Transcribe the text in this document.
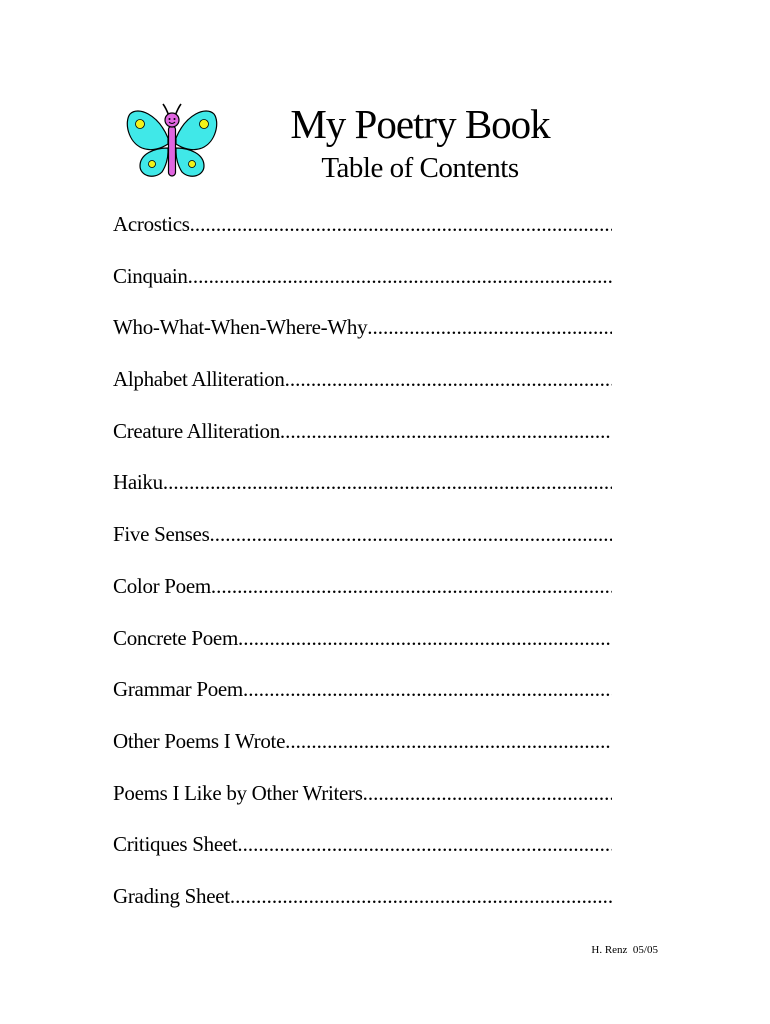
My Poetry Book
Table of Contents
Acrostics
.....
Cinquain
.....
Who-What-When-Where-Why
.....
Alphabet Alliteration
.....
Creature Alliteration
.....
Haiku
.....
Five Senses
.....
Color Poem
.....
Concrete Poem
.....
Grammar Poem
.....
Other Poems I Wrote
.....
Poems I Like by Other Writers
.....
Critiques Sheet
.....
Grading Sheet
.....
H. Renz  05/05
